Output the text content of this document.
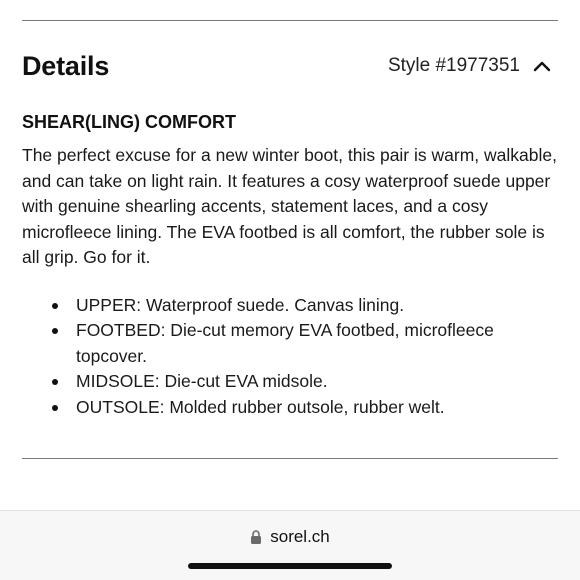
Details	Style #1977351
SHEAR(LING) COMFORT

The perfect excuse for a new winter boot, this pair is warm, walkable, and can take on light rain. It features a cosy waterproof suede upper with genuine shearling accents, statement laces, and a cosy microfleece lining. The EVA footbed is all comfort, the rubber sole is all grip. Go for it.

UPPER: Waterproof suede. Canvas lining.
FOOTBED: Die-cut memory EVA footbed, microfleece topcover.
MIDSOLE: Die-cut EVA midsole.
OUTSOLE: Molded rubber outsole, rubber welt.
sorel.ch
